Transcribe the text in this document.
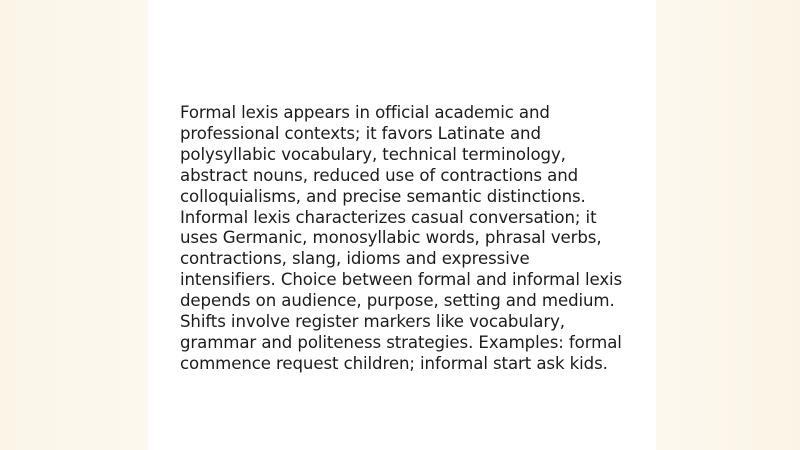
Formal lexis appears in official academic and
professional contexts; it favors Latinate and
polysyllabic vocabulary, technical terminology,
abstract nouns, reduced use of contractions and
colloquialisms, and precise semantic distinctions.
Informal lexis characterizes casual conversation; it
uses Germanic, monosyllabic words, phrasal verbs,
contractions, slang, idioms and expressive
intensifiers. Choice between formal and informal lexis
depends on audience, purpose, setting and medium.
Shifts involve register markers like vocabulary,
grammar and politeness strategies. Examples: formal
commence request children; informal start ask kids.
